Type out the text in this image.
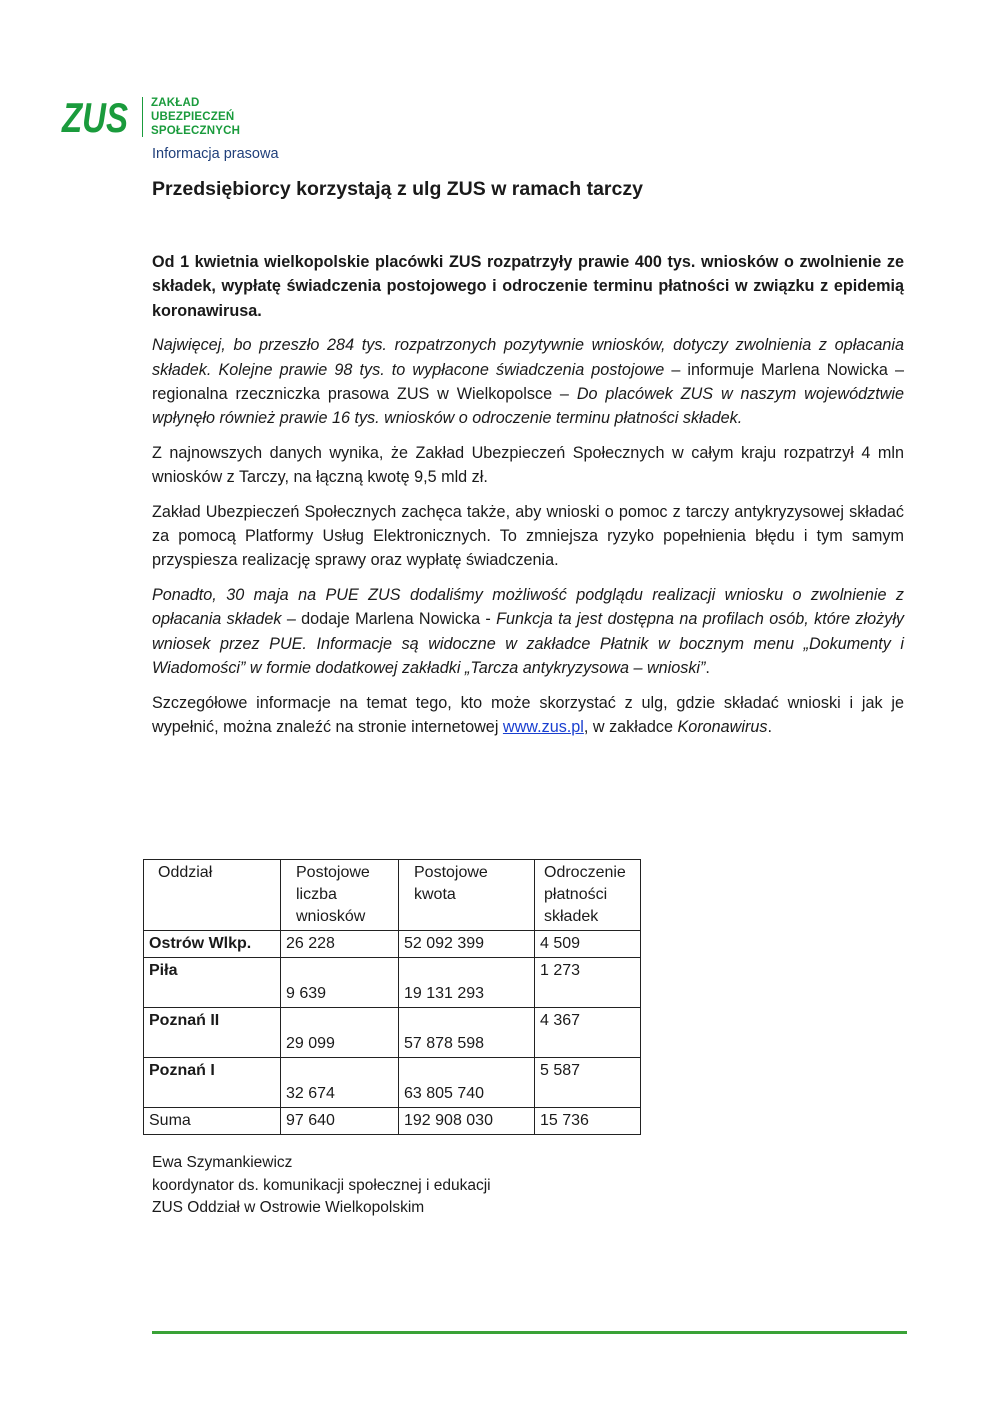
ZUS ZAKŁAD
UBEZPIECZEŃ
SPOŁECZNYCH
Informacja prasowa
Przedsiębiorcy korzystają z ulg ZUS w ramach tarczy

Od 1 kwietnia wielkopolskie placówki ZUS rozpatrzyły prawie 400 tys. wniosków o zwolnienie ze składek, wypłatę świadczenia postojowego i odroczenie terminu płatności w związku z epidemią koronawirusa.

Najwięcej, bo przeszło 284 tys. rozpatrzonych pozytywnie wniosków, dotyczy zwolnienia z opłacania składek. Kolejne prawie 98 tys. to wypłacone świadczenia postojowe – informuje Marlena Nowicka – regionalna rzeczniczka prasowa ZUS w Wielkopolsce – Do placówek ZUS w naszym województwie wpłynęło również prawie 16 tys. wniosków o odroczenie terminu płatności składek.

Z najnowszych danych wynika, że Zakład Ubezpieczeń Społecznych w całym kraju rozpatrzył 4 mln wniosków z Tarczy, na łączną kwotę 9,5 mld zł.

Zakład Ubezpieczeń Społecznych zachęca także, aby wnioski o pomoc z tarczy antykryzysowej składać za pomocą Platformy Usług Elektronicznych. To zmniejsza ryzyko popełnienia błędu i tym samym przyspiesza realizację sprawy oraz wypłatę świadczenia.

Ponadto, 30 maja na PUE ZUS dodaliśmy możliwość podglądu realizacji wniosku o zwolnienie z opłacania składek – dodaje Marlena Nowicka - Funkcja ta jest dostępna na profilach osób, które złożyły wniosek przez PUE. Informacje są widoczne w zakładce Płatnik w bocznym menu „Dokumenty i Wiadomości” w formie dodatkowej zakładki „Tarcza antykryzysowa – wnioski”.

Szczegółowe informacje na temat tego, kto może skorzystać z ulg, gdzie składać wnioski i jak je wypełnić, można znaleźć na stronie internetowej www.zus.pl, w zakładce Koronawirus.

Oddział	Postojowe liczba wniosków	Postojowe kwota	Odroczenie płatności składek
Ostrów Wlkp.	26 228	52 092 399	4 509
Piła	9 639	19 131 293	1 273
Poznań II	29 099	57 878 598	4 367
Poznań I	32 674	63 805 740	5 587
Suma	97 640	192 908 030	15 736
Ewa Szymankiewicz
koordynator ds. komunikacji społecznej i edukacji
ZUS Oddział w Ostrowie Wielkopolskim
